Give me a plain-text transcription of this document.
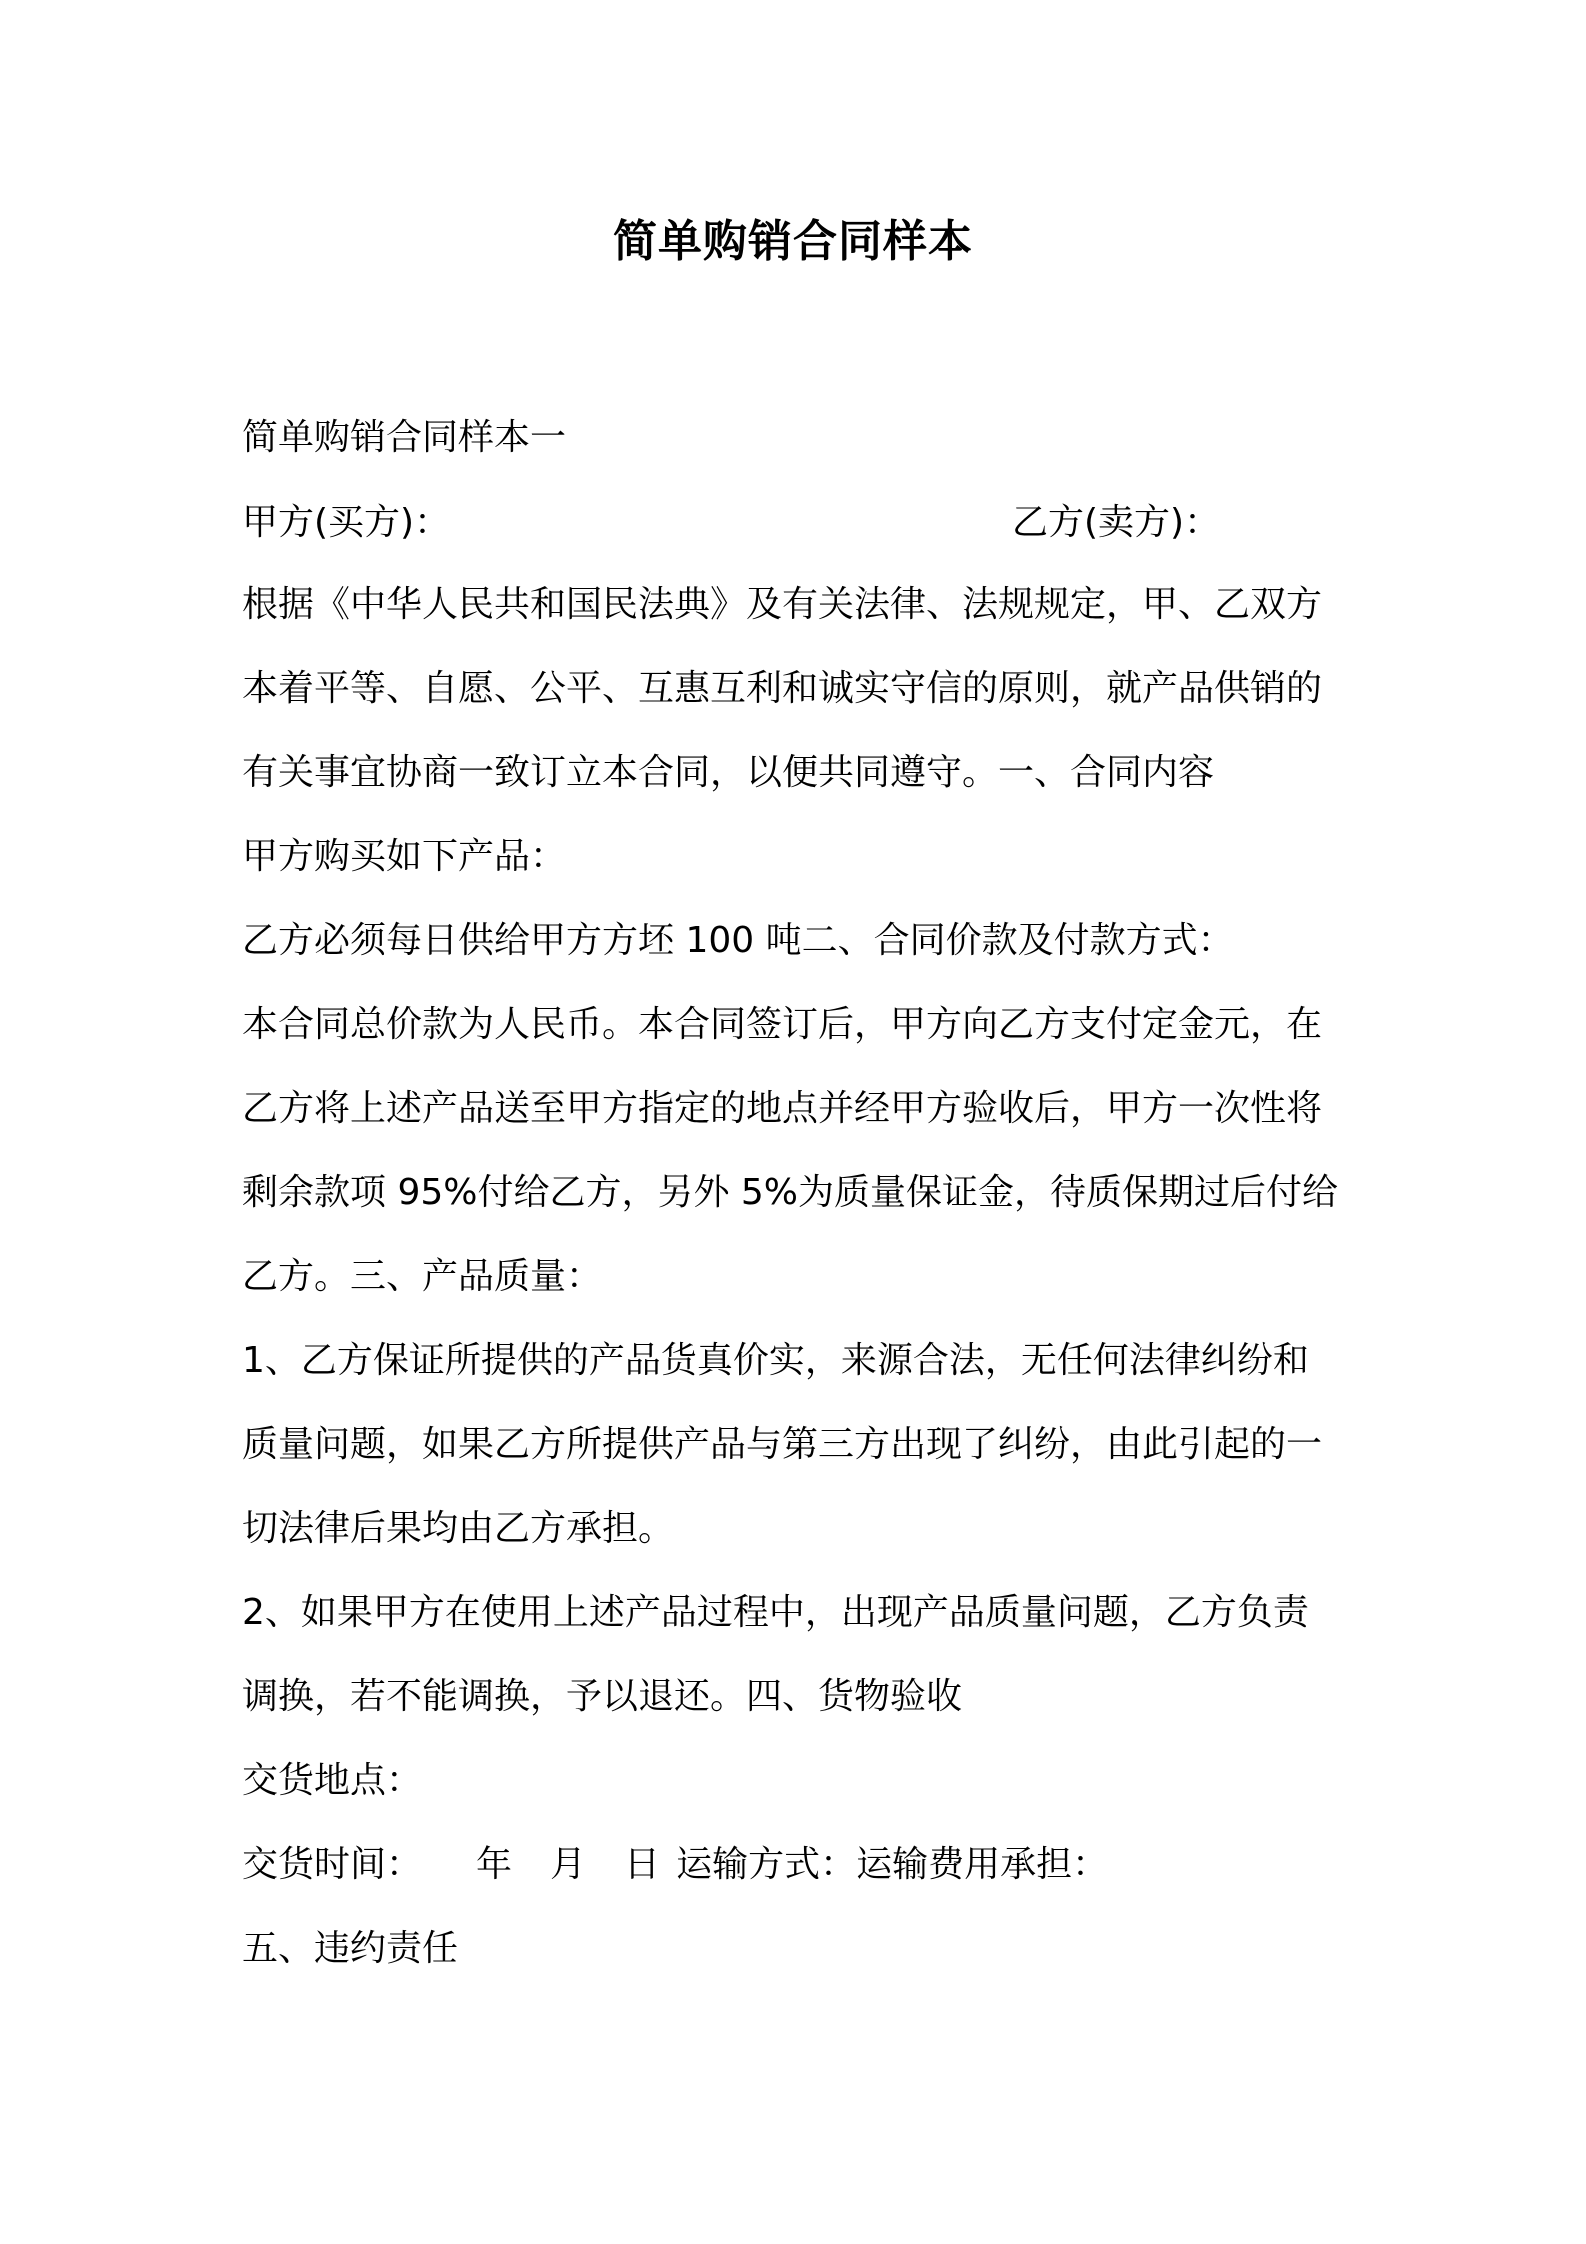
简单购销合同样本
简单购销合同样本一
甲方(买方)：	乙方(卖方)：
根据《中华人民共和国民法典》及有关法律、法规规定，甲、乙双方
本着平等、自愿、公平、互惠互利和诚实守信的原则，就产品供销的
有关事宜协商一致订立本合同，以便共同遵守。一、合同内容
甲方购买如下产品：
乙方必须每日供给甲方方坯 100 吨二、合同价款及付款方式：
本合同总价款为人民币。本合同签订后，甲方向乙方支付定金元，在
乙方将上述产品送至甲方指定的地点并经甲方验收后，甲方一次性将
剩余款项 95%付给乙方，另外 5%为质量保证金，待质保期过后付给
乙方。三、产品质量：
1、乙方保证所提供的产品货真价实，来源合法，无任何法律纠纷和
质量问题，如果乙方所提供产品与第三方出现了纠纷，由此引起的一
切法律后果均由乙方承担。
2、如果甲方在使用上述产品过程中，出现产品质量问题，乙方负责
调换，若不能调换，予以退还。四、货物验收
交货地点：
交货时间： 年 月 日 运输方式：运输费用承担：
五、违约责任
